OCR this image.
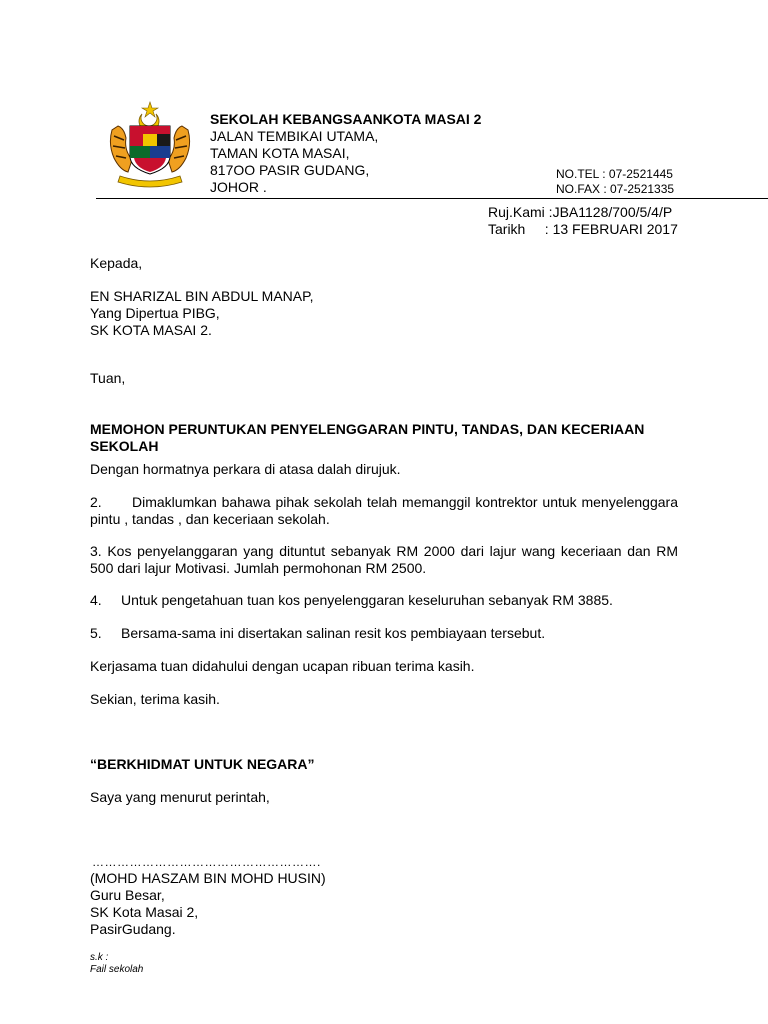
SEKOLAH KEBANGSAANKOTA MASAI 2
JALAN TEMBIKAI UTAMA,
TAMAN KOTA MASAI,
817OO PASIR GUDANG,
JOHOR .
NO.TEL : 07-2521445
NO.FAX : 07-2521335
Ruj.Kami :JBA1128/700/5/4/P
Tarikh     : 13 FEBRUARI 2017
Kepada,
EN SHARIZAL BIN ABDUL MANAP,
Yang Dipertua PIBG,
SK KOTA MASAI 2.
Tuan,
MEMOHON PERUNTUKAN PENYELENGGARAN PINTU, TANDAS, DAN KECERIAAN SEKOLAH
Dengan hormatnya perkara di atasa dalah dirujuk.
2. Dimaklumkan bahawa pihak sekolah telah memanggil kontrektor untuk menyelenggara pintu , tandas , dan keceriaan sekolah.
3. Kos penyelanggaran yang dituntut sebanyak RM 2000 dari lajur wang keceriaan dan RM 500 dari lajur Motivasi. Jumlah permohonan RM 2500.
4. Untuk pengetahuan tuan kos penyelenggaran keseluruhan sebanyak RM 3885.
5. Bersama-sama ini disertakan salinan resit kos pembiayaan tersebut.
Kerjasama tuan didahului dengan ucapan ribuan terima kasih.
Sekian, terima kasih.
“BERKHIDMAT UNTUK NEGARA”
Saya yang menurut perintah,
……………………………………………….
(MOHD HASZAM BIN MOHD HUSIN)
Guru Besar,
SK Kota Masai 2,
PasirGudang.
s.k :
Fail sekolah
